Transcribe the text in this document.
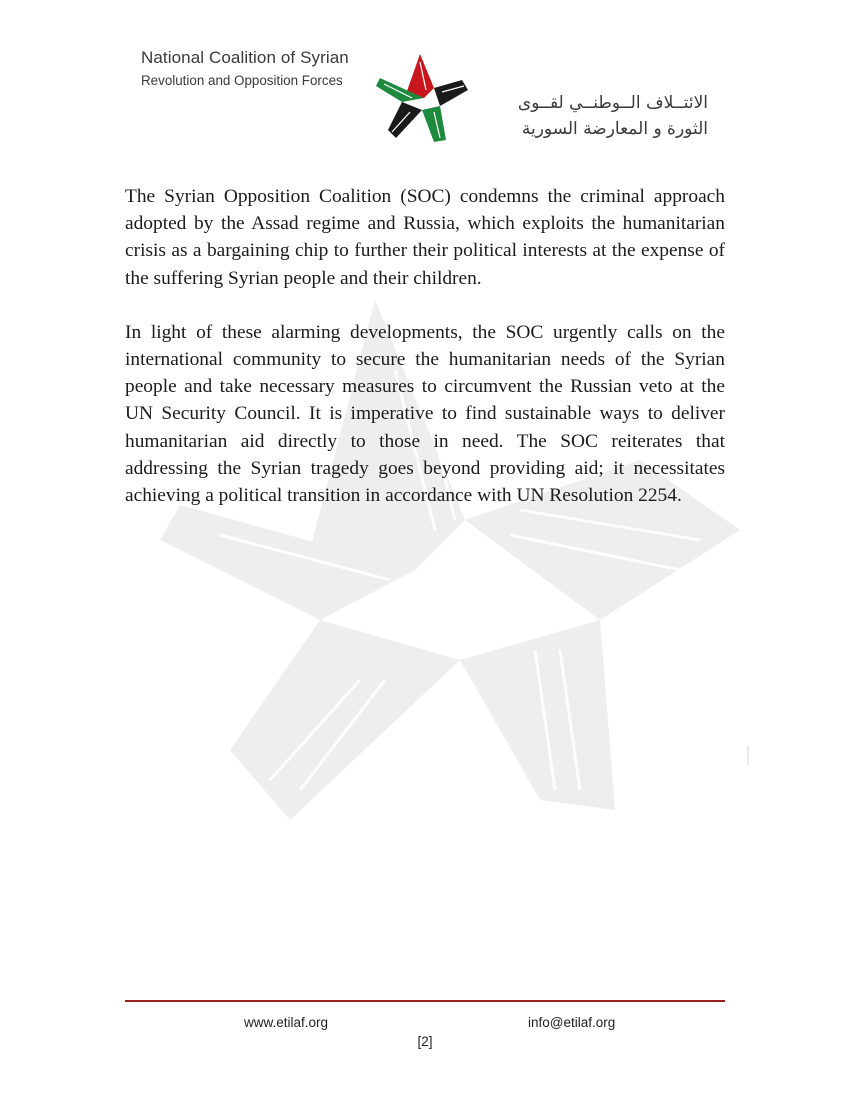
National Coalition of Syrian
Revolution and Opposition Forces
الائتــلاف الــوطنــي لقــوى
الثورة و المعارضة السورية

The Syrian Opposition Coalition (SOC) condemns the criminal approach adopted by the Assad regime and Russia, which exploits the humanitarian crisis as a bargaining chip to further their political interests at the expense of the suffering Syrian people and their children.

In light of these alarming developments, the SOC urgently calls on the international community to secure the humanitarian needs of the Syrian people and take necessary measures to circumvent the Russian veto at the UN Security Council. It is imperative to find sustainable ways to deliver humanitarian aid directly to those in need. The SOC reiterates that addressing the Syrian tragedy goes beyond providing aid; it necessitates achieving a political transition in accordance with UN Resolution 2254.

www.etilaf.org	info@etilaf.org
[2]
